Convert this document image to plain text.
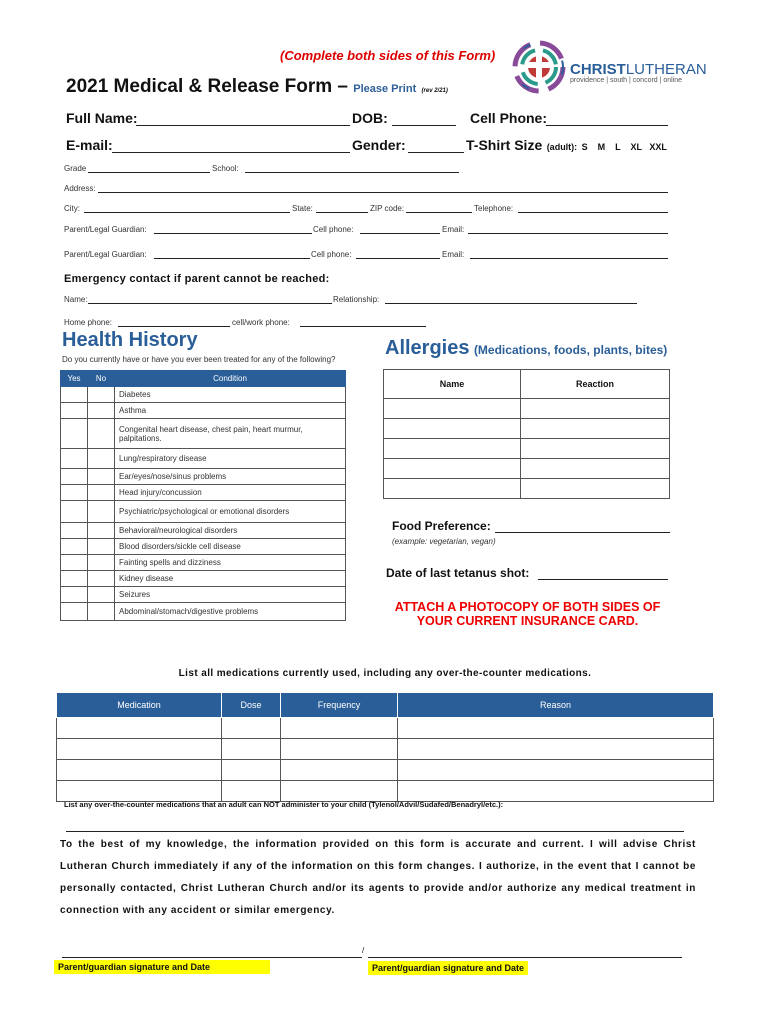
(Complete both sides of this Form)
2021 Medical & Release Form – Please Print (rev 2/21)
CHRISTLUTHERAN
providence | south | concord | online
Full Name:	DOB:	Cell Phone:
E-mail:	Gender:	T-Shirt Size (adult): S    M    L    XL   XXL
Grade	School:
Address:
City:	State:	ZIP code:	Telephone:
Parent/Legal Guardian:	Cell phone:	Email:
Parent/Legal Guardian:	Cell phone:	Email:
Emergency contact if parent cannot be reached:
Name:	Relationship:
Home phone:	cell/work phone:
Health History
Do you currently have or have you ever been treated for any of the following?
Yes	No	Condition
		Diabetes
		Asthma
		Congenital heart disease, chest pain, heart murmur, palpitations.
		Lung/respiratory disease
		Ear/eyes/nose/sinus problems
		Head injury/concussion
		Psychiatric/psychological or emotional disorders
		Behavioral/neurological disorders
		Blood disorders/sickle cell disease
		Fainting spells and dizziness
		Kidney disease
		Seizures
		Abdominal/stomach/digestive problems
Allergies (Medications, foods, plants, bites)
Name	Reaction

Food Preference:
(example: vegetarian, vegan)
Date of last tetanus shot:
ATTACH A PHOTOCOPY OF BOTH SIDES OF YOUR CURRENT INSURANCE CARD.
List all medications currently used, including any over-the-counter medications.
Medication	Dose	Frequency	Reason

List any over-the-counter medications that an adult can NOT administer to your child (Tylenol/Advil/Sudafed/Benadryl/etc.):
To the best of my knowledge, the information provided on this form is accurate and current. I will advise Christ Lutheran Church immediately if any of the information on this form changes. I authorize, in the event that I cannot be personally contacted, Christ Lutheran Church and/or its agents to provide and/or authorize any medical treatment in connection with any accident or similar emergency.
/
Parent/guardian signature and Date	Parent/guardian signature and Date
